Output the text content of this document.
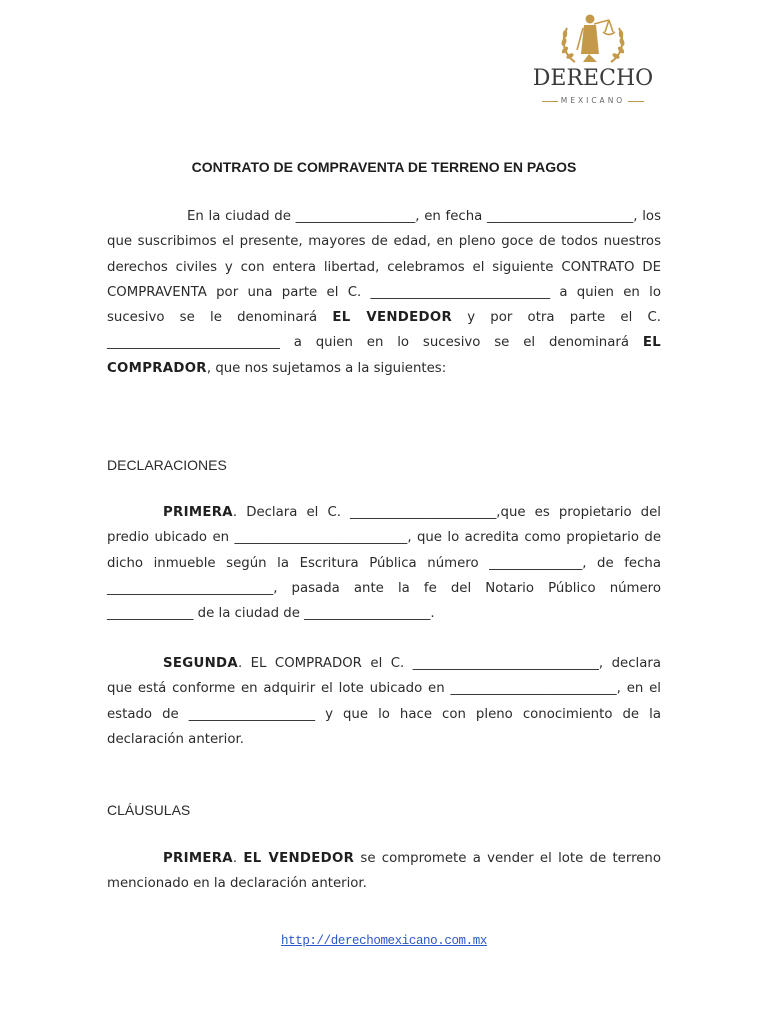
DERECHO
MEXICANO
CONTRATO DE COMPRAVENTA DE TERRENO EN PAGOS
En la ciudad de __________________, en fecha ______________________, los que suscribimos el presente, mayores de edad, en pleno goce de todos nuestros derechos civiles y con entera libertad, celebramos el siguiente CONTRATO DE COMPRAVENTA por una parte el C. ___________________________ a quien en lo sucesivo se le denominará EL VENDEDOR y por otra parte el C. __________________________ a quien en lo sucesivo se el denominará EL COMPRADOR, que nos sujetamos a la siguientes:
DECLARACIONES
PRIMERA. Declara el C. ______________________,que es propietario del predio ubicado en __________________________, que lo acredita como propietario de dicho inmueble según la Escritura Pública número ______________, de fecha _________________________, pasada ante la fe del Notario Público número _____________ de la ciudad de ___________________.
SEGUNDA. EL COMPRADOR el C. ____________________________, declara que está conforme en adquirir el lote ubicado en _________________________, en el estado de ___________________ y que lo hace con pleno conocimiento de la declaración anterior.
CLÁUSULAS
PRIMERA. EL VENDEDOR se compromete a vender el lote de terreno mencionado en la declaración anterior.
http://derechomexicano.com.mx
